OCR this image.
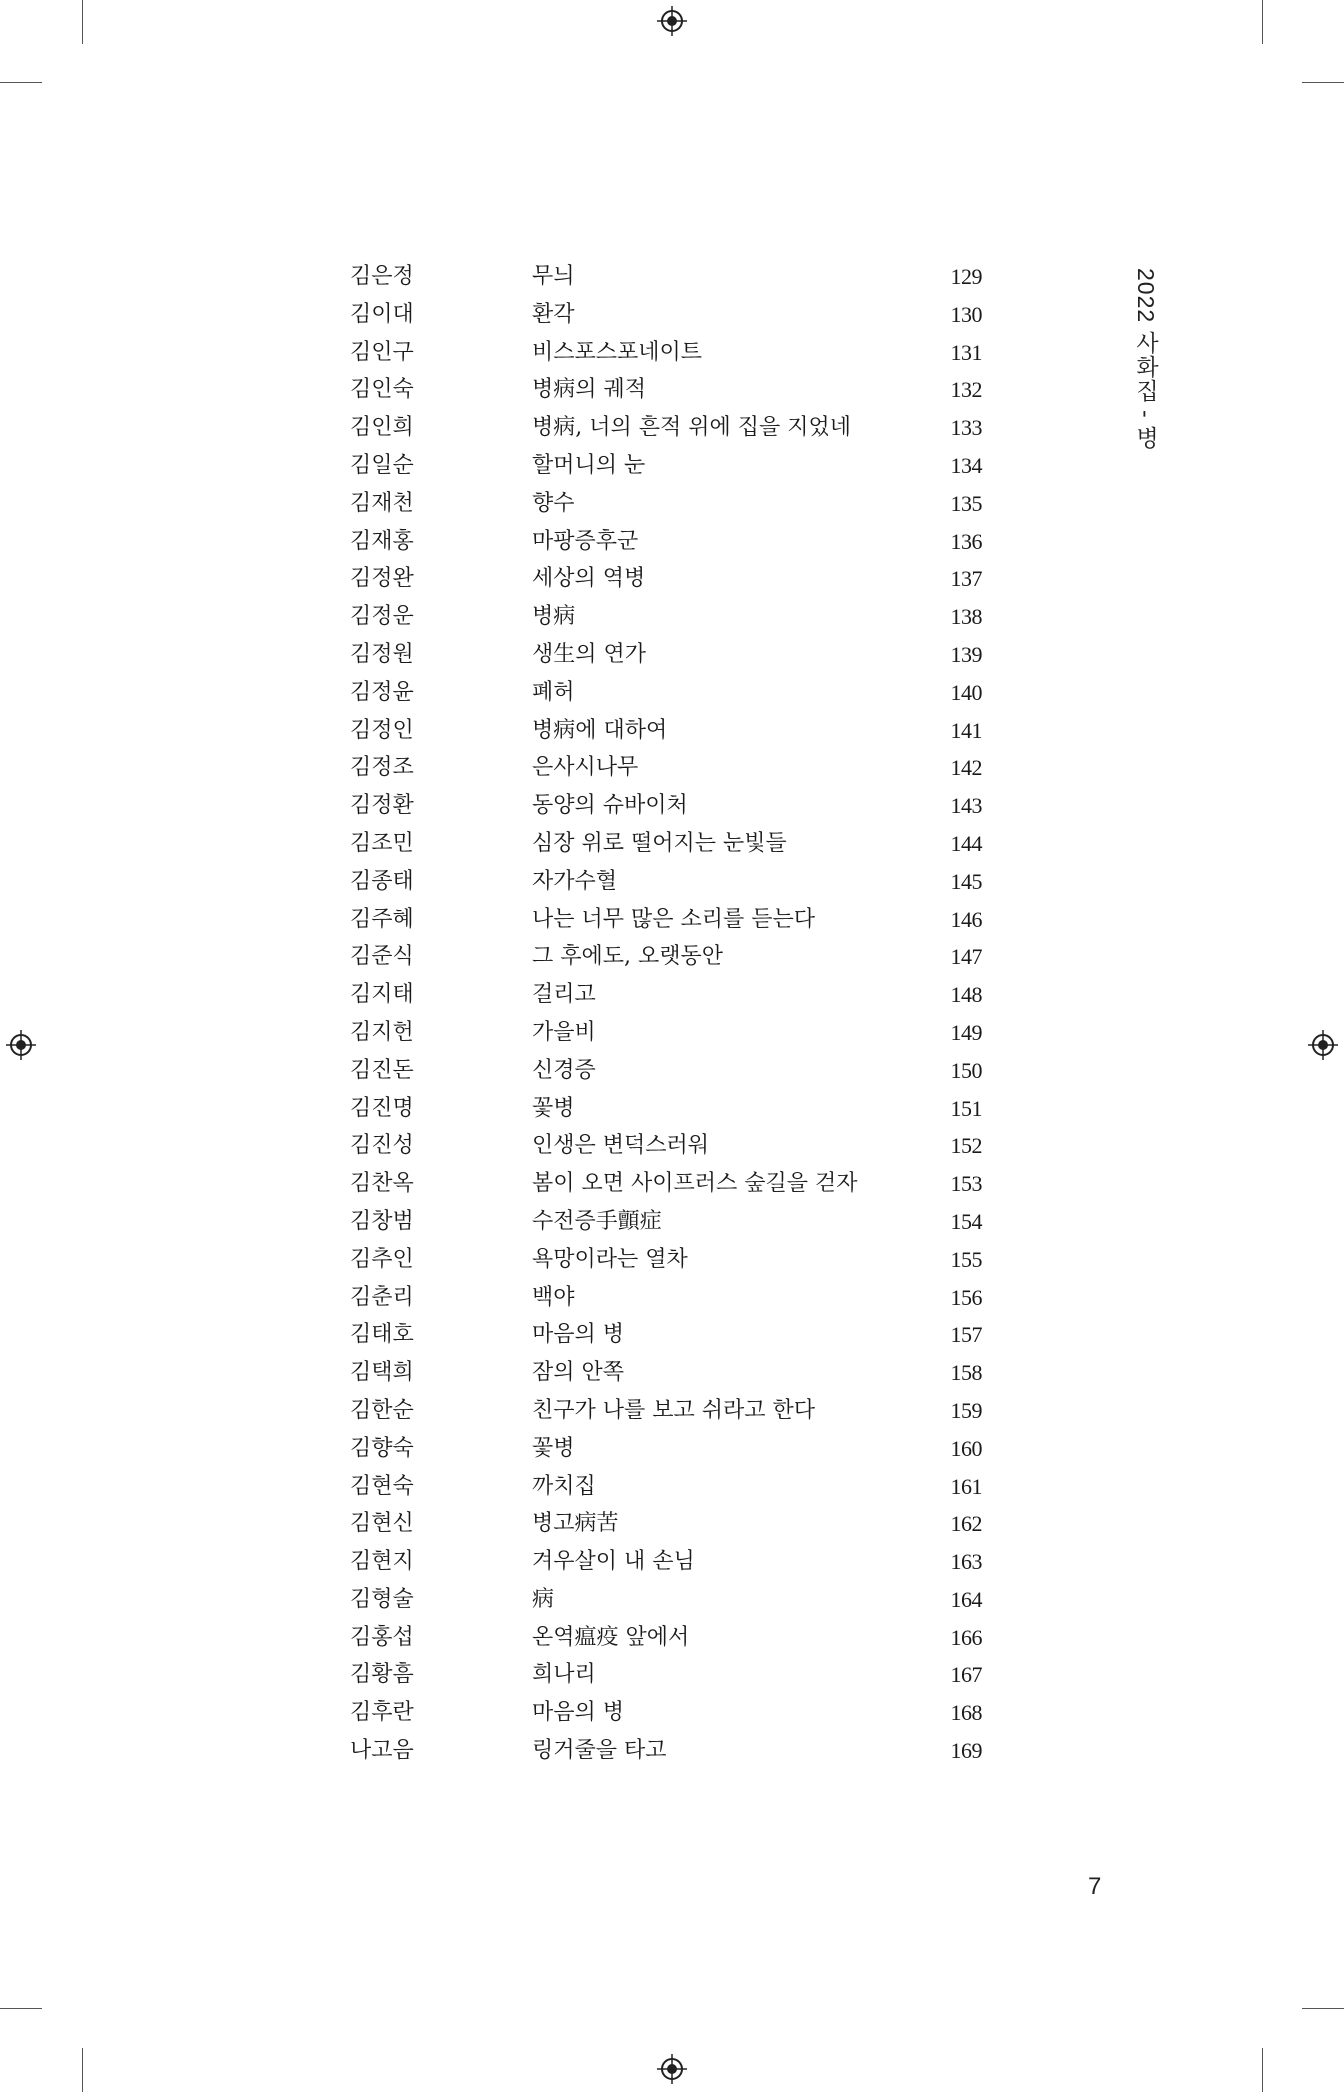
2022 사화집 - 병
김은정	무늬	129
김이대	환각	130
김인구	비스포스포네이트	131
김인숙	병病의 궤적	132
김인희	병病, 너의 흔적 위에 집을 지었네	133
김일순	할머니의 눈	134
김재천	향수	135
김재홍	마팡증후군	136
김정완	세상의 역병	137
김정운	병病	138
김정원	생生의 연가	139
김정윤	폐허	140
김정인	병病에 대하여	141
김정조	은사시나무	142
김정환	동양의 슈바이처	143
김조민	심장 위로 떨어지는 눈빛들	144
김종태	자가수혈	145
김주혜	나는 너무 많은 소리를 듣는다	146
김준식	그 후에도, 오랫동안	147
김지태	걸리고	148
김지헌	가을비	149
김진돈	신경증	150
김진명	꽃병	151
김진성	인생은 변덕스러워	152
김찬옥	봄이 오면 사이프러스 숲길을 걷자	153
김창범	수전증手顫症	154
김추인	욕망이라는 열차	155
김춘리	백야	156
김태호	마음의 병	157
김택희	잠의 안쪽	158
김한순	친구가 나를 보고 쉬라고 한다	159
김향숙	꽃병	160
김현숙	까치집	161
김현신	병고病苦	162
김현지	겨우살이 내 손님	163
김형술	病	164
김홍섭	온역瘟疫 앞에서	166
김황흠	희나리	167
김후란	마음의 병	168
나고음	링거줄을 타고	169
7
